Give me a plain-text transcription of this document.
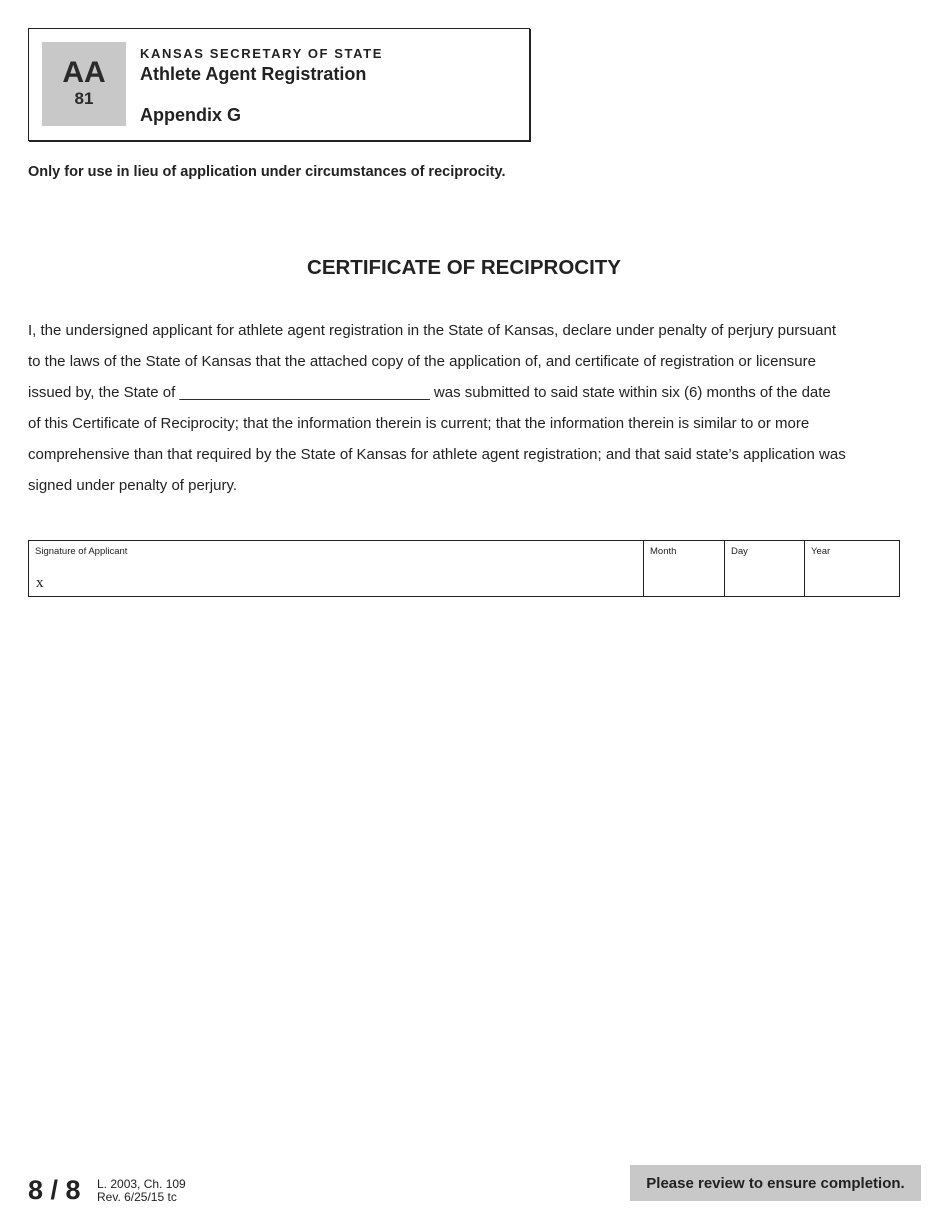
AA
81
KANSAS SECRETARY OF STATE
Athlete Agent Registration
Appendix G
Only for use in lieu of application under circumstances of reciprocity.
CERTIFICATE OF RECIPROCITY
I, the undersigned applicant for athlete agent registration in the State of Kansas, declare under penalty of perjury pursuant
to the laws of the State of Kansas that the attached copy of the application of, and certificate of registration or licensure
issued by, the State of ______________________________ was submitted to said state within six (6) months of the date
of this Certificate of Reciprocity; that the information therein is current; that the information therein is similar to or more
comprehensive than that required by the State of Kansas for athlete agent registration; and that said state’s application was
signed under penalty of perjury.
Signature of Applicant
x
Month	Day	Year
8 / 8 L. 2003, Ch. 109
Rev. 6/25/15 tc
Please review to ensure completion.
